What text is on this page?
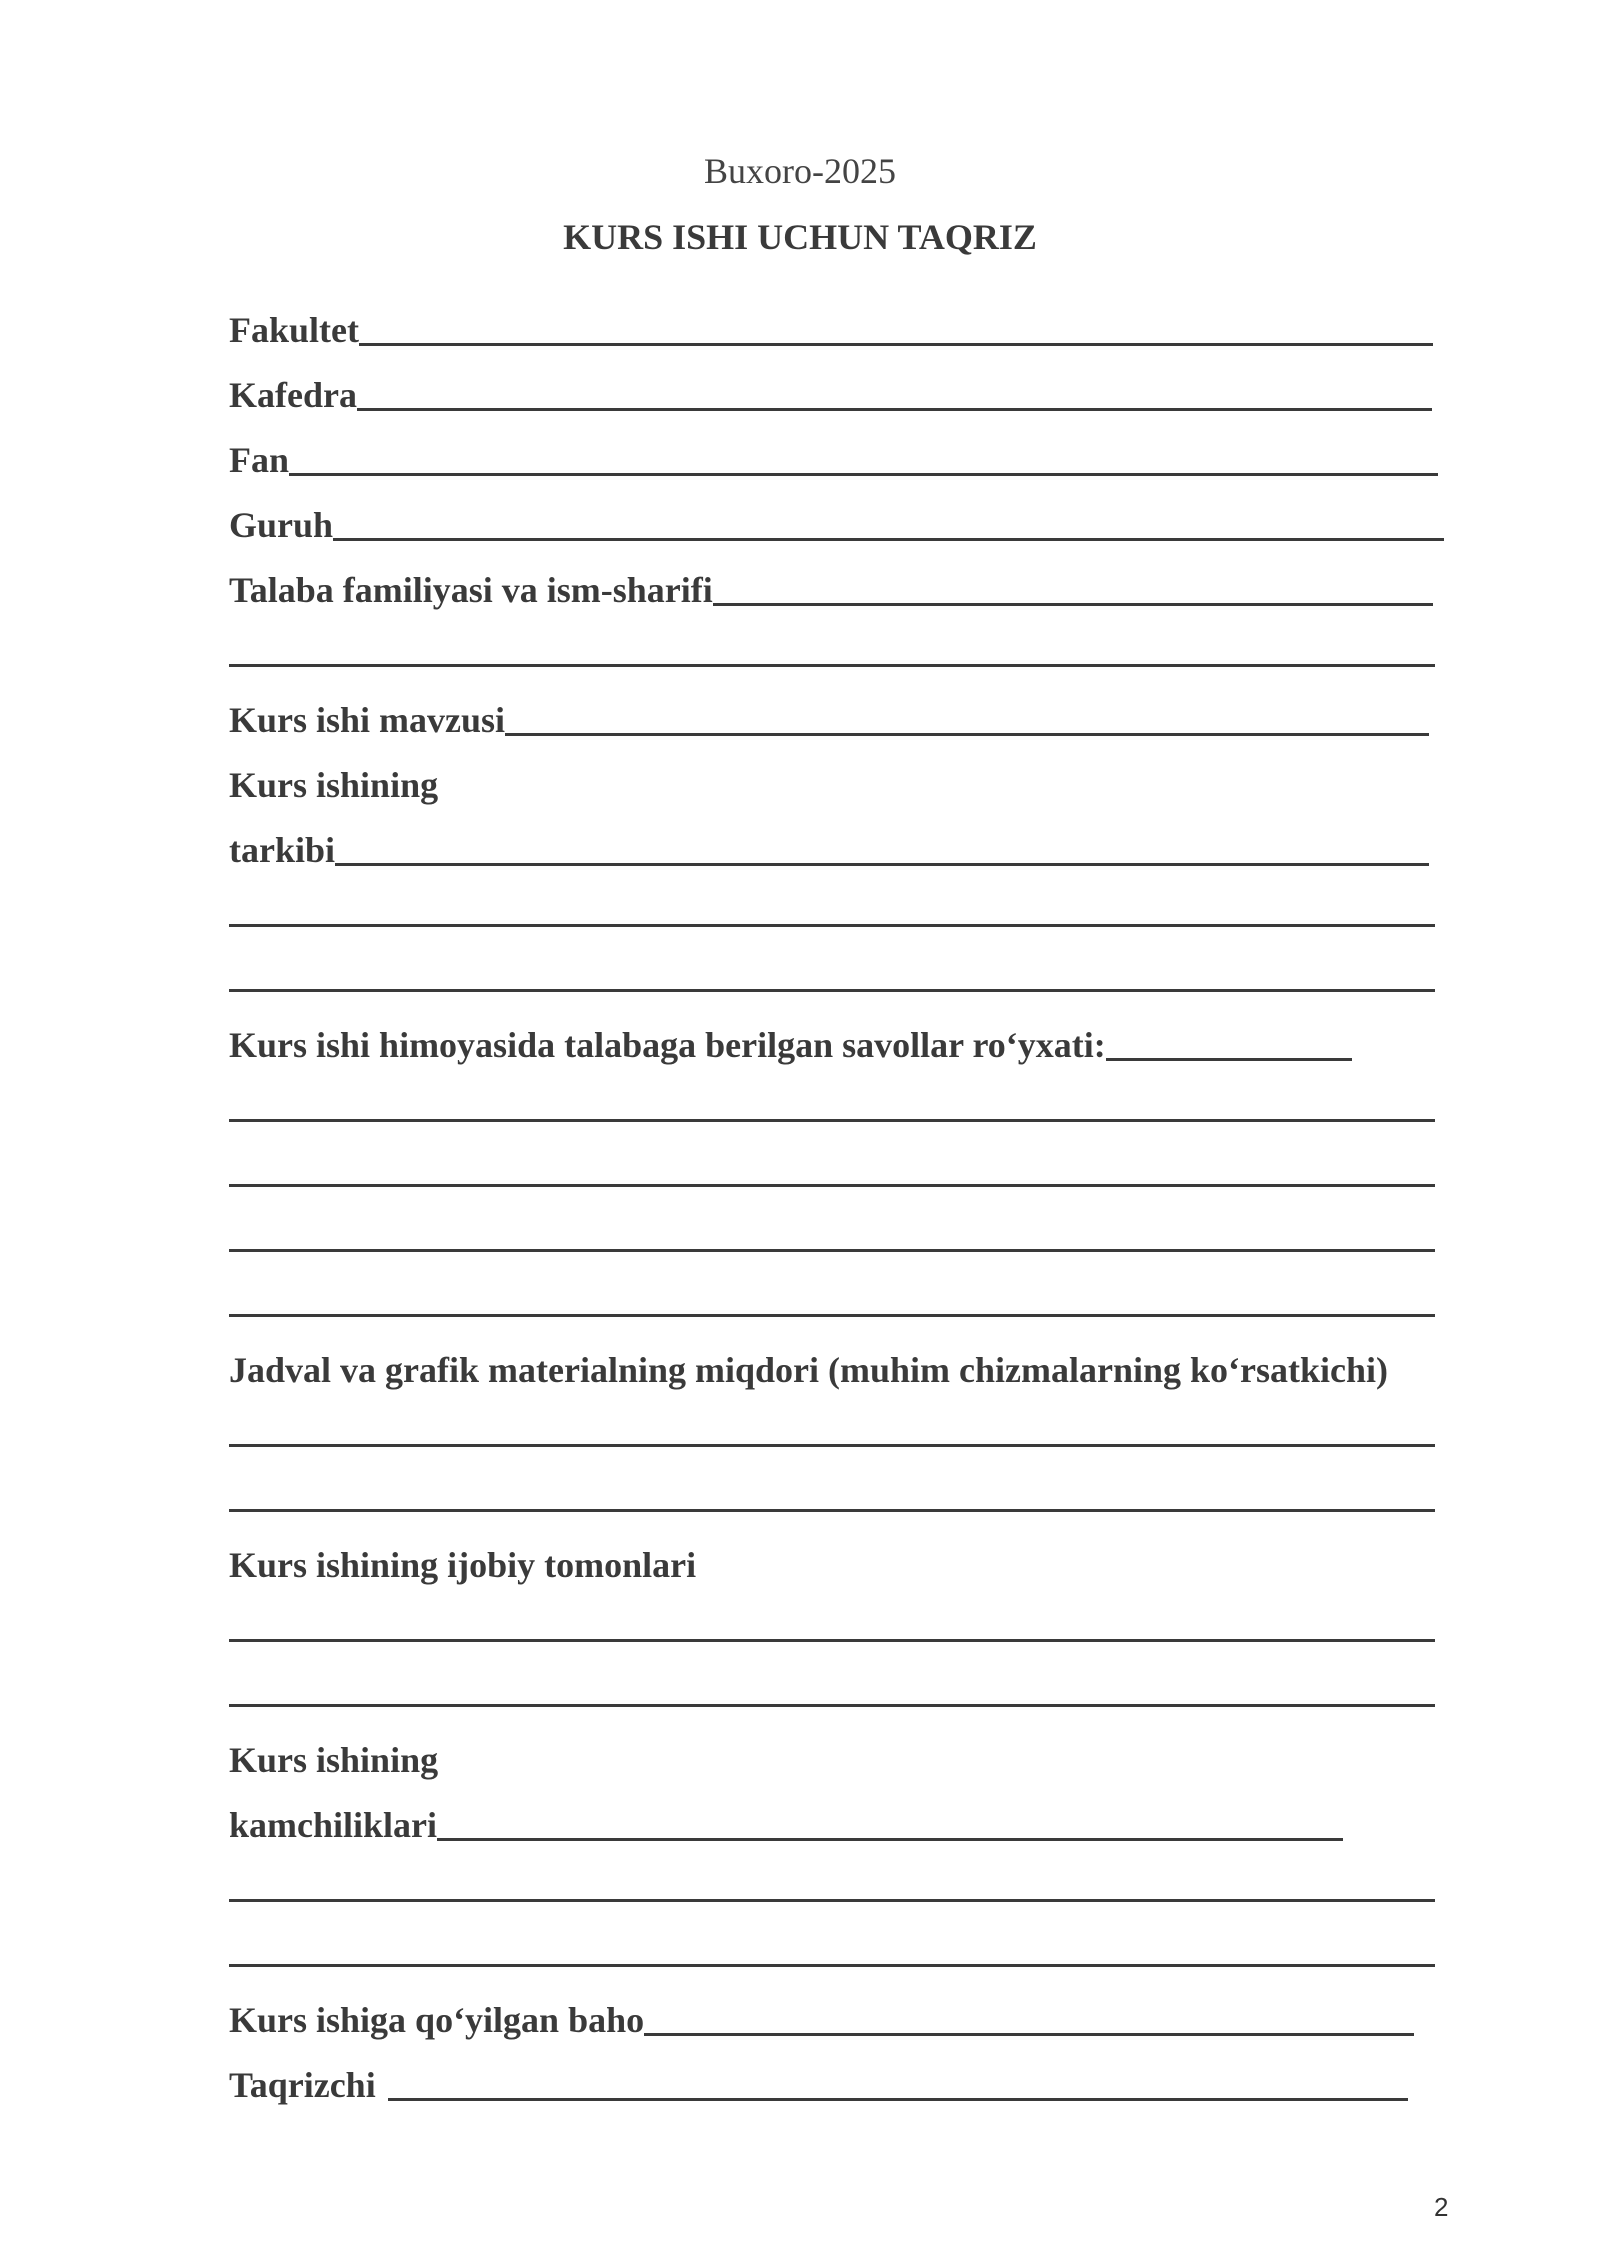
Buxoro-2025
KURS ISHI UCHUN TAQRIZ
Fakultet
Kafedra
Fan
Guruh
Talaba familiyasi va ism-sharifi
Kurs ishi mavzusi
Kurs ishining
tarkibi
Kurs ishi himoyasida talabaga berilgan savollar ro‘yxati:
Jadval va grafik materialning miqdori (muhim chizmalarning ko‘rsatkichi)
Kurs ishining ijobiy tomonlari
Kurs ishining
kamchiliklari
Kurs ishiga qo‘yilgan baho
Taqrizchi
2
